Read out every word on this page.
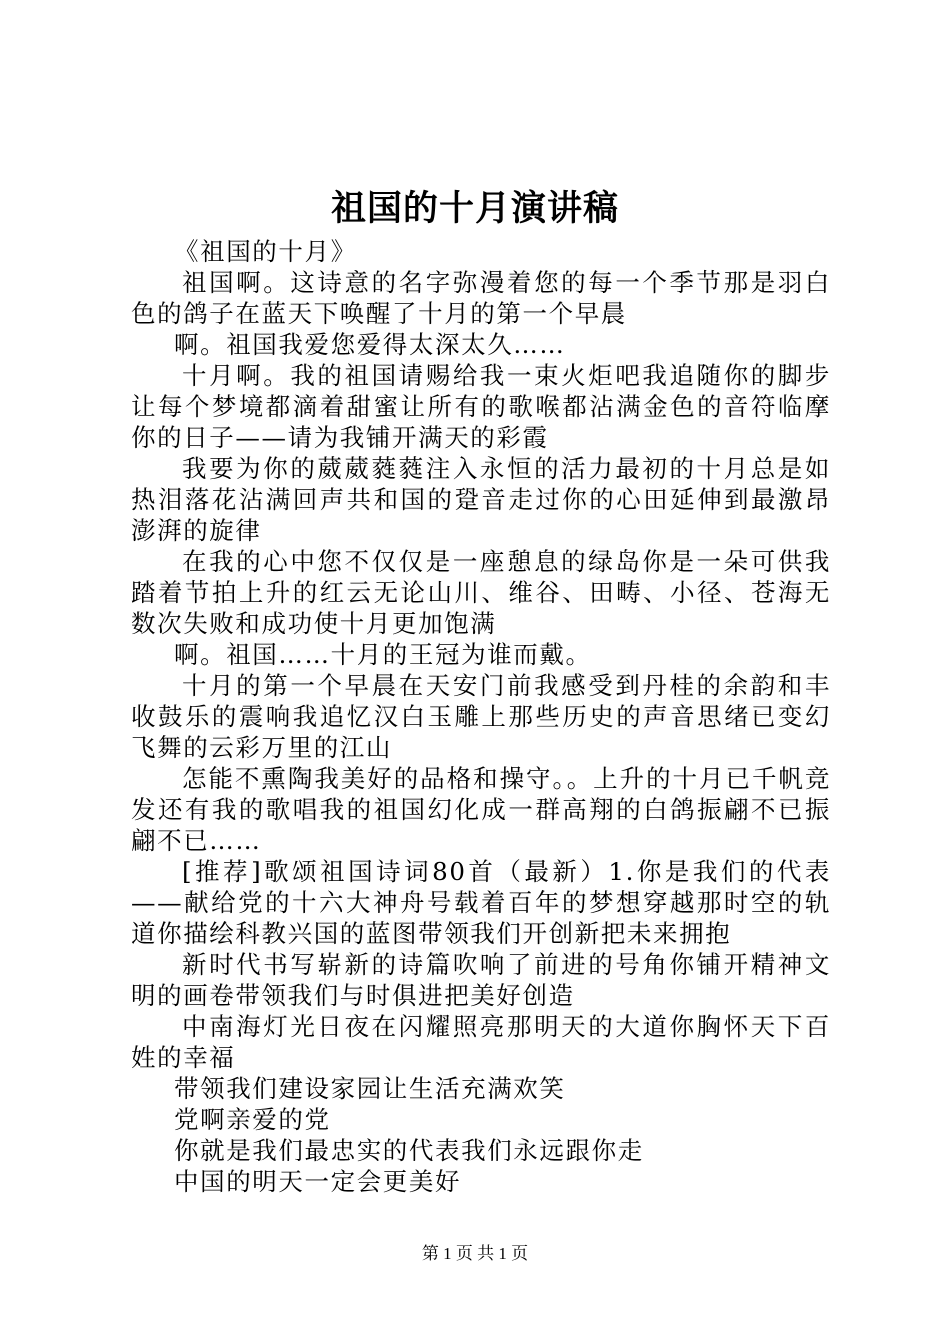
祖国的十月演讲稿

《祖国的十月》

祖国啊。这诗意的名字弥漫着您的每一个季节那是羽白色的鸽子在蓝天下唤醒了十月的第一个早晨

啊。祖国我爱您爱得太深太久……

十月啊。我的祖国请赐给我一束火炬吧我追随你的脚步让每个梦境都滴着甜蜜让所有的歌喉都沾满金色的音符临摩你的日子——请为我铺开满天的彩霞

我要为你的葳葳蕤蕤注入永恒的活力最初的十月总是如热泪落花沾满回声共和国的跫音走过你的心田延伸到最激昂澎湃的旋律

在我的心中您不仅仅是一座憩息的绿岛你是一朵可供我踏着节拍上升的红云无论山川、维谷、田畴、小径、苍海无数次失败和成功使十月更加饱满

啊。祖国……十月的王冠为谁而戴。

十月的第一个早晨在天安门前我感受到丹桂的余韵和丰收鼓乐的震响我追忆汉白玉雕上那些历史的声音思绪已变幻飞舞的云彩万里的江山

怎能不熏陶我美好的品格和操守。。上升的十月已千帆竞发还有我的歌唱我的祖国幻化成一群高翔的白鸽振翩不已振翩不已……

[推荐]歌颂祖国诗词80首（最新）1.你是我们的代表——献给党的十六大神舟号载着百年的梦想穿越那时空的轨道你描绘科教兴国的蓝图带领我们开创新把未来拥抱

新时代书写崭新的诗篇吹响了前进的号角你铺开精神文明的画卷带领我们与时俱进把美好创造

中南海灯光日夜在闪耀照亮那明天的大道你胸怀天下百姓的幸福

带领我们建设家园让生活充满欢笑

党啊亲爱的党

你就是我们最忠实的代表我们永远跟你走

中国的明天一定会更美好

第 1 页 共 1 页
